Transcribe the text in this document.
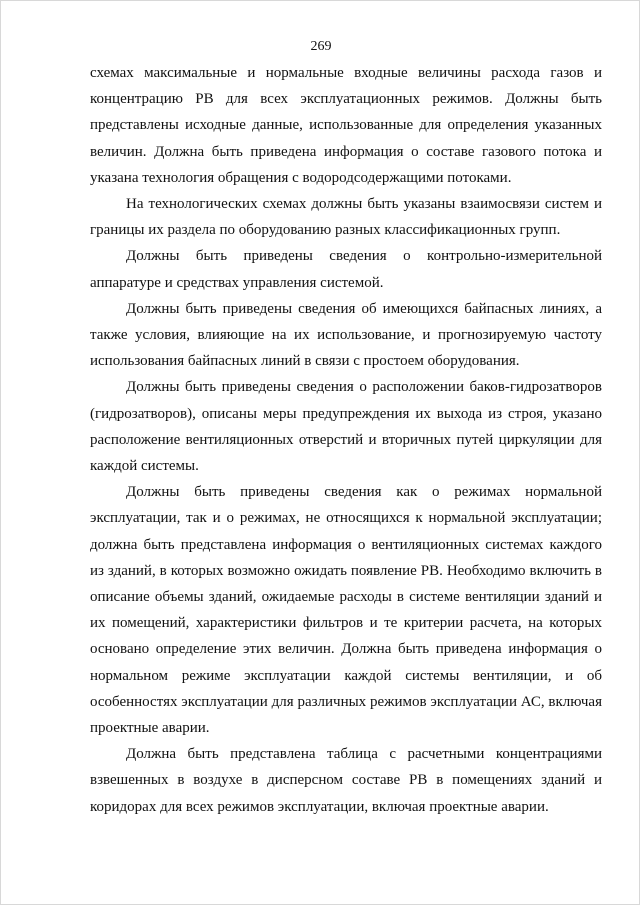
269

схемах максимальные и нормальные входные величины расхода газов и концентрацию РВ для всех эксплуатационных режимов. Должны быть представлены исходные данные, использованные для определения указанных величин. Должна быть приведена информация о составе газового потока и указана технология обращения с водородсодержащими потоками.

На технологических схемах должны быть указаны взаимосвязи систем и границы их раздела по оборудованию разных классификационных групп.

Должны быть приведены сведения о контрольно-измерительной аппаратуре и средствах управления системой.

Должны быть приведены сведения об имеющихся байпасных линиях, а также условия, влияющие на их использование, и прогнозируемую частоту использования байпасных линий в связи с простоем оборудования.

Должны быть приведены сведения о расположении баков-гидрозатворов (гидрозатворов), описаны меры предупреждения их выхода из строя, указано расположение вентиляционных отверстий и вторичных путей циркуляции для каждой системы.

Должны быть приведены сведения как о режимах нормальной эксплуатации, так и о режимах, не относящихся к нормальной эксплуатации; должна быть представлена информация о вентиляционных системах каждого из зданий, в которых возможно ожидать появление РВ. Необходимо включить в описание объемы зданий, ожидаемые расходы в системе вентиляции зданий и их помещений, характеристики фильтров и те критерии расчета, на которых основано определение этих величин. Должна быть приведена информация о нормальном режиме эксплуатации каждой системы вентиляции, и об особенностях эксплуатации для различных режимов эксплуатации АС, включая проектные аварии.

Должна быть представлена таблица с расчетными концентрациями взвешенных в воздухе в дисперсном составе РВ в помещениях зданий и коридорах для всех режимов эксплуатации, включая проектные аварии.
